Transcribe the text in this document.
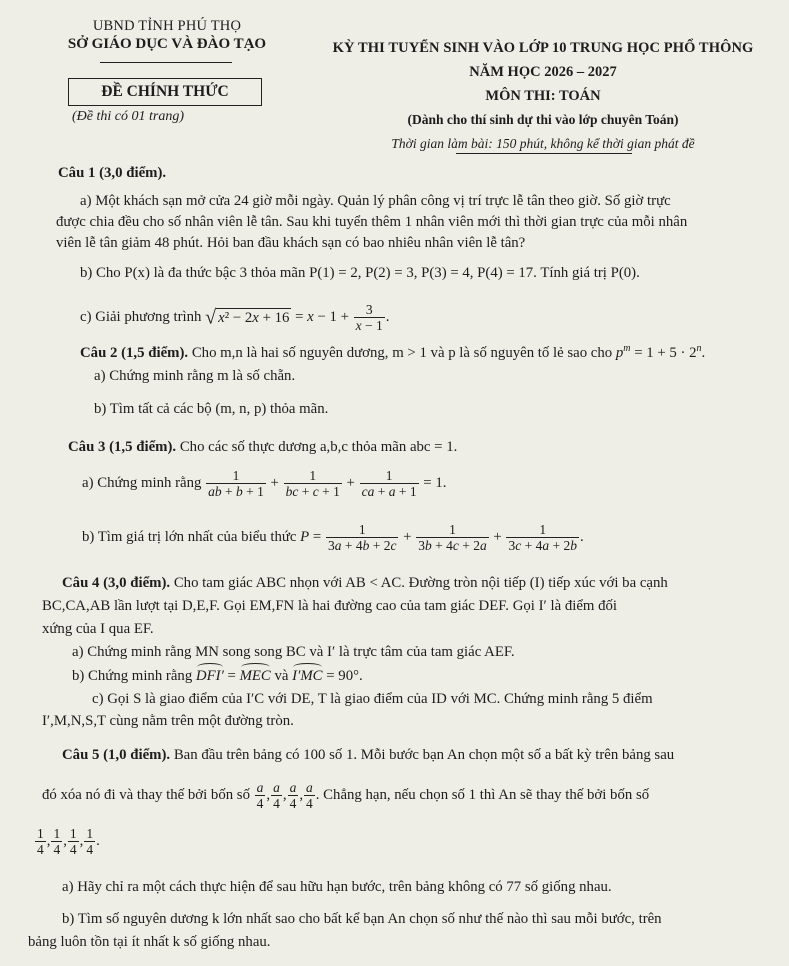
UBND TỈNH PHÚ THỌ
SỞ GIÁO DỤC VÀ ĐÀO TẠO
ĐỀ CHÍNH THỨC
(Đề thi có 01 trang)
KỲ THI TUYỂN SINH VÀO LỚP 10 TRUNG HỌC PHỔ THÔNG
NĂM HỌC 2026 – 2027
MÔN THI: TOÁN
(Dành cho thí sinh dự thi vào lớp chuyên Toán)
Thời gian làm bài: 150 phút, không kể thời gian phát đề
Câu 1 (3,0 điểm).
a) Một khách sạn mở cửa 24 giờ mỗi ngày. Quản lý phân công vị trí trực lễ tân theo giờ. Số giờ trực
được chia đều cho số nhân viên lễ tân. Sau khi tuyển thêm 1 nhân viên mới thì thời gian trực của mỗi nhân
viên lễ tân giảm 48 phút. Hỏi ban đầu khách sạn có bao nhiêu nhân viên lễ tân?
b) Cho P(x) là đa thức bậc 3 thỏa mãn P(1) = 2, P(2) = 3, P(3) = 4, P(4) = 17. Tính giá trị P(0).
c) Giải phương trình √ $x^2 - 2x + 16 = x - 1 + \frac{3}{x - 1}$ .
Câu 2 (1,5 điểm). Cho m,n là hai số nguyên dương, m > 1 và p là số nguyên tố lẻ sao cho $p^m = 1 + 5 \cdot 2^n$.
a) Chứng minh rằng m là số chẵn.
b) Tìm tất cả các bộ (m, n, p) thỏa mãn.
Câu 3 (1,5 điểm). Cho các số thực dương a,b,c thỏa mãn abc = 1.
a) Chứng minh rằng $\frac{1}{ab + b + 1} + \frac{1}{bc + c + 1} + \frac{1}{ca + a + 1} = 1$.
b) Tìm giá trị lớn nhất của biểu thức $P = \frac{1}{3a + 4b + 2c} + \frac{1}{3b + 4c + 2a} + \frac{1}{3c + 4a + 2b}$ .
Câu 4 (3,0 điểm). Cho tam giác ABC nhọn với AB < AC. Đường tròn nội tiếp (I) tiếp xúc với ba cạnh
BC,CA,AB lần lượt tại D,E,F. Gọi EM,FN là hai đường cao của tam giác DEF. Gọi I′ là điểm đối
xứng của I qua EF.
a) Chứng minh rằng MN song song BC và I′ là trực tâm của tam giác AEF.
b) Chứng minh rằng DFI′ = MEC và I′MC = 90°.
c) Gọi S là giao điểm của I′C với DE, T là giao điểm của ID với MC. Chứng minh rằng 5 điểm
I′,M,N,S,T cùng nằm trên một đường tròn.
Câu 5 (1,0 điểm). Ban đầu trên bảng có 100 số 1. Mỗi bước bạn An chọn một số a bất kỳ trên bảng sau
đó xóa nó đi và thay thế bởi bốn số $\frac{a}{4}$ , $\frac{a}{4}$ , $\frac{a}{4}$ , $\frac{a}{4}$ . Chẳng hạn, nếu chọn số 1 thì An sẽ thay thế bởi bốn số
$\frac{1}{4}$ , $\frac{1}{4}$ , $\frac{1}{4}$ , $\frac{1}{4}$ .
a) Hãy chỉ ra một cách thực hiện để sau hữu hạn bước, trên bảng không có 77 số giống nhau.
b) Tìm số nguyên dương k lớn nhất sao cho bất kể bạn An chọn số như thế nào thì sau mỗi bước, trên
bảng luôn tồn tại ít nhất k số giống nhau.
